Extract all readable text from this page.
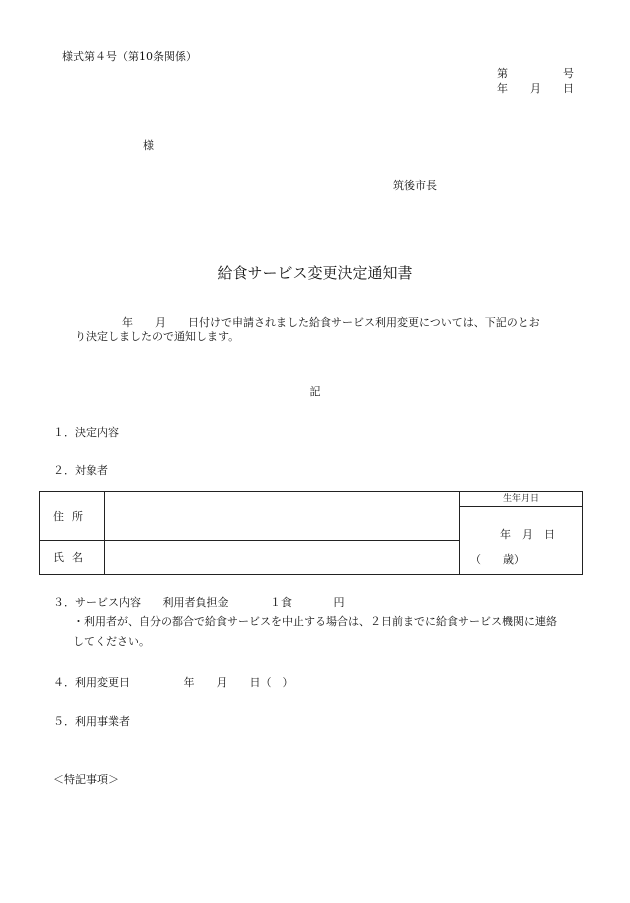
様式第４号（第10条関係）
第　　　　　号
年　　月　　日
様
筑後市長
給食サービス変更決定通知書
年　　月　　日付けで申請されました給食サービス利用変更については、下記のとお
り決定しましたので通知します。
記
１．決定内容
２．対象者
住所		生年月日
年　月　日
（　　歳）

氏名		
３．サービス内容 利用者負担金	１食	円
・利用者が、自分の都合で給食サービスを中止する場合は、２日前までに給食サービス機関に連絡
してください。
４．利用変更日	年　　月　　日（　）
５．利用事業者
＜特記事項＞
